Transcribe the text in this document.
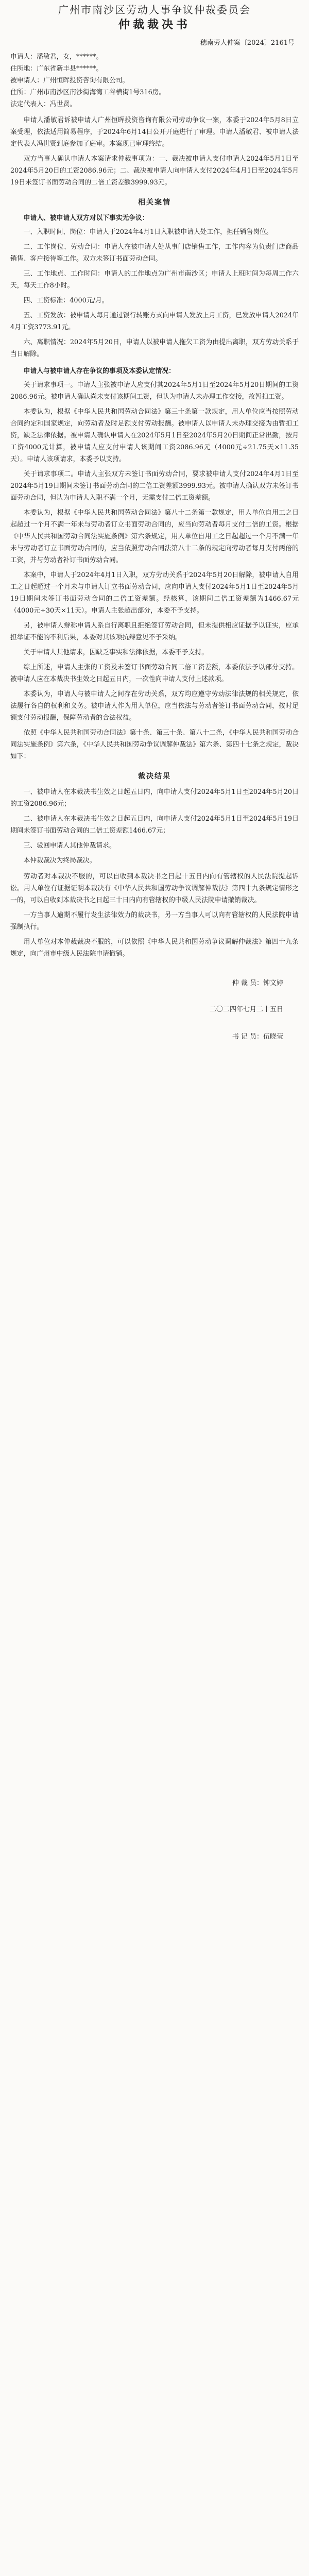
广州市南沙区劳动人事争议仲裁委员会
仲裁裁决书
穗南劳人仲案〔2024〕2161号

申请人：潘敏君，女，******。

住所地：广东省新丰县******。

被申请人：广州恒晖投资咨询有限公司。

住所：广州市南沙区南沙街海湾工谷横街1号316房。

法定代表人：冯世贤。

申请人潘敏君诉被申请人广州恒晖投资咨询有限公司劳动争议一案，本委于2024年5月8日立案受理，依法适用简易程序，于2024年6月14日公开开庭进行了审理。申请人潘敏君、被申请人法定代表人冯世贤到庭参加了庭审。本案现已审理终结。

双方当事人确认申请人本案请求仲裁事项为：一、裁决被申请人支付申请人2024年5月1日至2024年5月20日的工资2086.96元；二、裁决被申请人向申请人支付2024年4月1日至2024年5月19日未签订书面劳动合同的二倍工资差额3999.93元。

相关案情
申请人、被申请人双方对以下事实无争议：

一、入职时间、岗位：申请人于2024年4月1日入职被申请人处工作，担任销售岗位。

二、工作岗位、劳动合同：申请人在被申请人处从事门店销售工作，工作内容为负责门店商品销售、客户接待等工作。双方未签订书面劳动合同。

三、工作地点、工作时间：申请人的工作地点为广州市南沙区；申请人上班时间为每周工作六天，每天工作8小时。

四、工资标准：4000元/月。

五、工资发放：被申请人每月通过银行转账方式向申请人发放上月工资，已发放申请人2024年4月工资3773.91元。

六、离职情况：2024年5月20日，申请人以被申请人拖欠工资为由提出离职，双方劳动关系于当日解除。

申请人与被申请人存在争议的事项及本委认定情况：

关于请求事项一。申请人主张被申请人应支付其2024年5月1日至2024年5月20日期间的工资2086.96元。被申请人确认尚未支付该期间工资，但认为申请人未办理工作交接，故暂扣工资。

本委认为，根据《中华人民共和国劳动合同法》第三十条第一款规定，用人单位应当按照劳动合同约定和国家规定，向劳动者及时足额支付劳动报酬。被申请人以申请人未办理交接为由暂扣工资，缺乏法律依据。被申请人确认申请人在2024年5月1日至2024年5月20日期间正常出勤，按月工资4000元计算，被申请人应支付申请人该期间工资2086.96元（4000元÷21.75天×11.35天）。申请人该项请求，本委予以支持。

关于请求事项二。申请人主张双方未签订书面劳动合同，要求被申请人支付2024年4月1日至2024年5月19日期间未签订书面劳动合同的二倍工资差额3999.93元。被申请人确认双方未签订书面劳动合同，但认为申请人入职不满一个月，无需支付二倍工资差额。

本委认为，根据《中华人民共和国劳动合同法》第八十二条第一款规定，用人单位自用工之日起超过一个月不满一年未与劳动者订立书面劳动合同的，应当向劳动者每月支付二倍的工资。根据《中华人民共和国劳动合同法实施条例》第六条规定，用人单位自用工之日起超过一个月不满一年未与劳动者订立书面劳动合同的，应当依照劳动合同法第八十二条的规定向劳动者每月支付两倍的工资，并与劳动者补订书面劳动合同。

本案中，申请人于2024年4月1日入职，双方劳动关系于2024年5月20日解除，被申请人自用工之日起超过一个月未与申请人订立书面劳动合同，应向申请人支付2024年5月1日至2024年5月19日期间未签订书面劳动合同的二倍工资差额。经核算，该期间二倍工资差额为1466.67元（4000元÷30天×11天）。申请人主张超出部分，本委不予支持。

另，被申请人辩称申请人系自行离职且拒绝签订劳动合同，但未提供相应证据予以证实，应承担举证不能的不利后果，本委对其该项抗辩意见不予采纳。

关于申请人其他请求，因缺乏事实和法律依据，本委不予支持。

综上所述，申请人主张的工资及未签订书面劳动合同二倍工资差额，本委依法予以部分支持。被申请人应在本裁决书生效之日起五日内，一次性向申请人支付上述款项。

本委认为，申请人与被申请人之间存在劳动关系，双方均应遵守劳动法律法规的相关规定，依法履行各自的权利和义务。被申请人作为用人单位，应当依法与劳动者签订书面劳动合同，按时足额支付劳动报酬，保障劳动者的合法权益。

依照《中华人民共和国劳动合同法》第十条、第三十条、第八十二条，《中华人民共和国劳动合同法实施条例》第六条，《中华人民共和国劳动争议调解仲裁法》第六条、第四十七条之规定，裁决如下：

裁决结果

一、被申请人在本裁决书生效之日起五日内，向申请人支付2024年5月1日至2024年5月20日的工资2086.96元；

二、被申请人在本裁决书生效之日起五日内，向申请人支付2024年5月1日至2024年5月19日期间未签订书面劳动合同的二倍工资差额1466.67元；

三、驳回申请人其他仲裁请求。

本仲裁裁决为终局裁决。

劳动者对本裁决不服的，可以自收到本裁决书之日起十五日内向有管辖权的人民法院提起诉讼。用人单位有证据证明本裁决有《中华人民共和国劳动争议调解仲裁法》第四十九条规定情形之一的，可以自收到本裁决书之日起三十日内向有管辖权的中级人民法院申请撤销裁决。

一方当事人逾期不履行发生法律效力的裁决书，另一方当事人可以向有管辖权的人民法院申请强制执行。

用人单位对本仲裁裁决不服的，可以依照《中华人民共和国劳动争议调解仲裁法》第四十九条规定，向广州市中级人民法院申请撤销。

仲 裁 员：钟文婷
二〇二四年七月二十五日
书 记 员：伍晓莹
